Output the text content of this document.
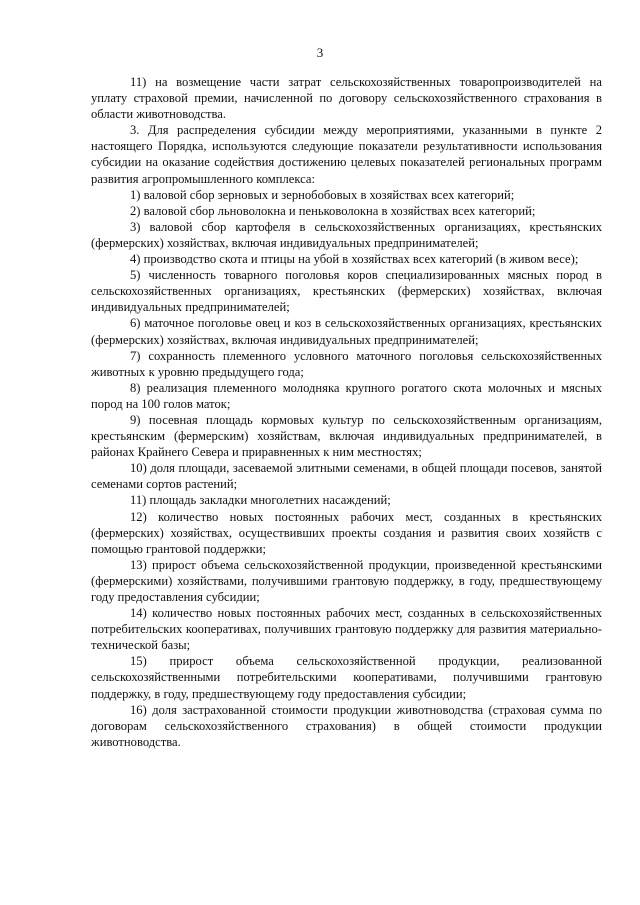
3

11) на возмещение части затрат сельскохозяйственных товаропроизводителей на уплату страховой премии, начисленной по договору сельскохозяйственного страхования в области животноводства.

3. Для распределения субсидии между мероприятиями, указанными в пункте 2 настоящего Порядка, используются следующие показатели результативности использования субсидии на оказание содействия достижению целевых показателей региональных программ развития агропромышленного комплекса:

1) валовой сбор зерновых и зернобобовых в хозяйствах всех категорий;

2) валовой сбор льноволокна и пеньковолокна в хозяйствах всех категорий;

3) валовой сбор картофеля в сельскохозяйственных организациях, крестьянских (фермерских) хозяйствах, включая индивидуальных предпринимателей;

4) производство скота и птицы на убой в хозяйствах всех категорий (в живом весе);

5) численность товарного поголовья коров специализированных мясных пород в сельскохозяйственных организациях, крестьянских (фермерских) хозяйствах, включая индивидуальных предпринимателей;

6) маточное поголовье овец и коз в сельскохозяйственных организациях, крестьянских (фермерских) хозяйствах, включая индивидуальных предпринимателей;

7) сохранность племенного условного маточного поголовья сельскохозяйственных животных к уровню предыдущего года;

8) реализация племенного молодняка крупного рогатого скота молочных и мясных пород на 100 голов маток;

9) посевная площадь кормовых культур по сельскохозяйственным организациям, крестьянским (фермерским) хозяйствам, включая индивидуальных предпринимателей, в районах Крайнего Севера и приравненных к ним местностях;

10) доля площади, засеваемой элитными семенами, в общей площади посевов, занятой семенами сортов растений;

11) площадь закладки многолетних насаждений;

12) количество новых постоянных рабочих мест, созданных в крестьянских (фермерских) хозяйствах, осуществивших проекты создания и развития своих хозяйств с помощью грантовой поддержки;

13) прирост объема сельскохозяйственной продукции, произведенной крестьянскими (фермерскими) хозяйствами, получившими грантовую поддержку, в году, предшествующему году предоставления субсидии;

14) количество новых постоянных рабочих мест, созданных в сельскохозяйственных потребительских кооперативах, получивших грантовую поддержку для развития материально-технической базы;

15) прирост объема сельскохозяйственной продукции, реализованной сельскохозяйственными потребительскими кооперативами, получившими грантовую поддержку, в году, предшествующему году предоставления субсидии;

16) доля застрахованной стоимости продукции животноводства (страховая сумма по договорам сельскохозяйственного страхования) в общей стоимости продукции животноводства.
